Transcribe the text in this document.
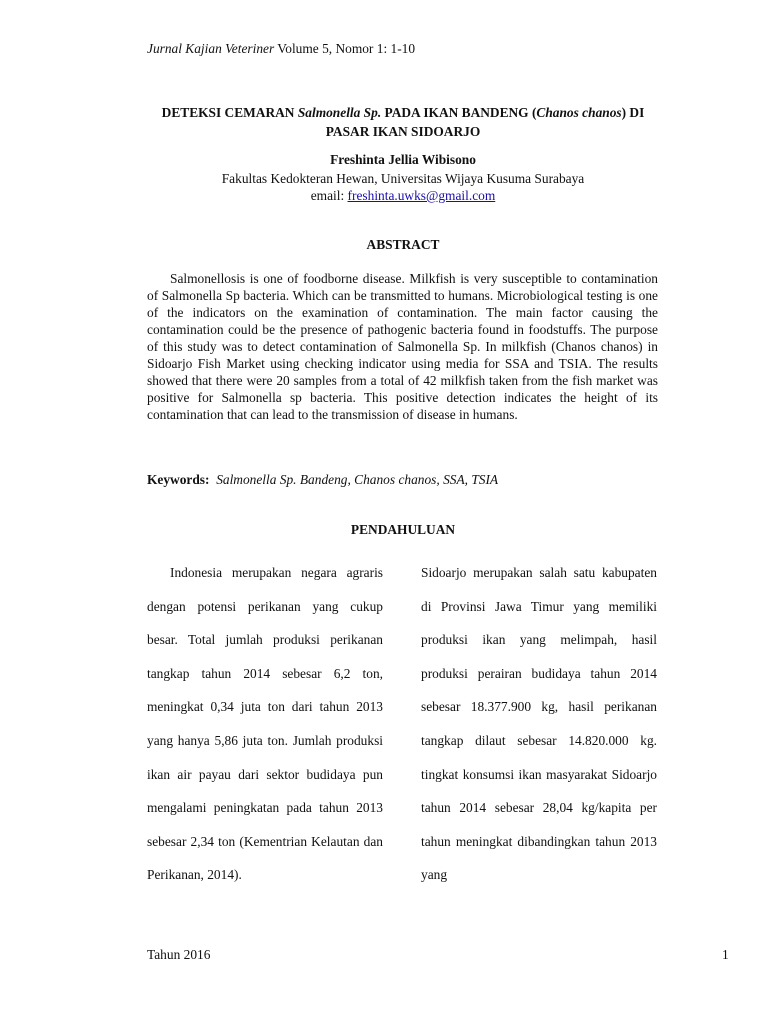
Jurnal Kajian Veteriner Volume 5, Nomor 1: 1-10
DETEKSI CEMARAN Salmonella Sp. PADA IKAN BANDENG (Chanos chanos) DI PASAR IKAN SIDOARJO
Freshinta Jellia Wibisono
Fakultas Kedokteran Hewan, Universitas Wijaya Kusuma Surabaya
email: freshinta.uwks@gmail.com
ABSTRACT

Salmonellosis is one of foodborne disease. Milkfish is very susceptible to contamination of Salmonella Sp bacteria. Which can be transmitted to humans. Microbiological testing is one of the indicators on the examination of contamination. The main factor causing the contamination could be the presence of pathogenic bacteria found in foodstuffs. The purpose of this study was to detect contamination of Salmonella Sp. In milkfish (Chanos chanos) in Sidoarjo Fish Market using checking indicator using media for SSA and TSIA. The results showed that there were 20 samples from a total of 42 milkfish taken from the fish market was positive for Salmonella sp bacteria. This positive detection indicates the height of its contamination that can lead to the transmission of disease in humans.

Keywords: Salmonella Sp. Bandeng, Chanos chanos, SSA, TSIA
PENDAHULUAN

Indonesia merupakan negara agraris dengan potensi perikanan yang cukup besar. Total jumlah produksi perikanan tangkap tahun 2014 sebesar 6,2 ton, meningkat 0,34 juta ton dari tahun 2013 yang hanya 5,86 juta ton. Jumlah produksi ikan air payau dari sektor budidaya pun mengalami peningkatan pada tahun 2013 sebesar 2,34 ton (Kementrian Kelautan dan Perikanan, 2014).

Sidoarjo merupakan salah satu kabupaten di Provinsi Jawa Timur yang memiliki produksi ikan yang melimpah, hasil produksi perairan budidaya tahun 2014 sebesar 18.377.900 kg, hasil perikanan tangkap dilaut sebesar 14.820.000 kg. tingkat konsumsi ikan masyarakat Sidoarjo tahun 2014 sebesar 28,04 kg/kapita per tahun meningkat dibandingkan tahun 2013 yang

Tahun 2016	1
